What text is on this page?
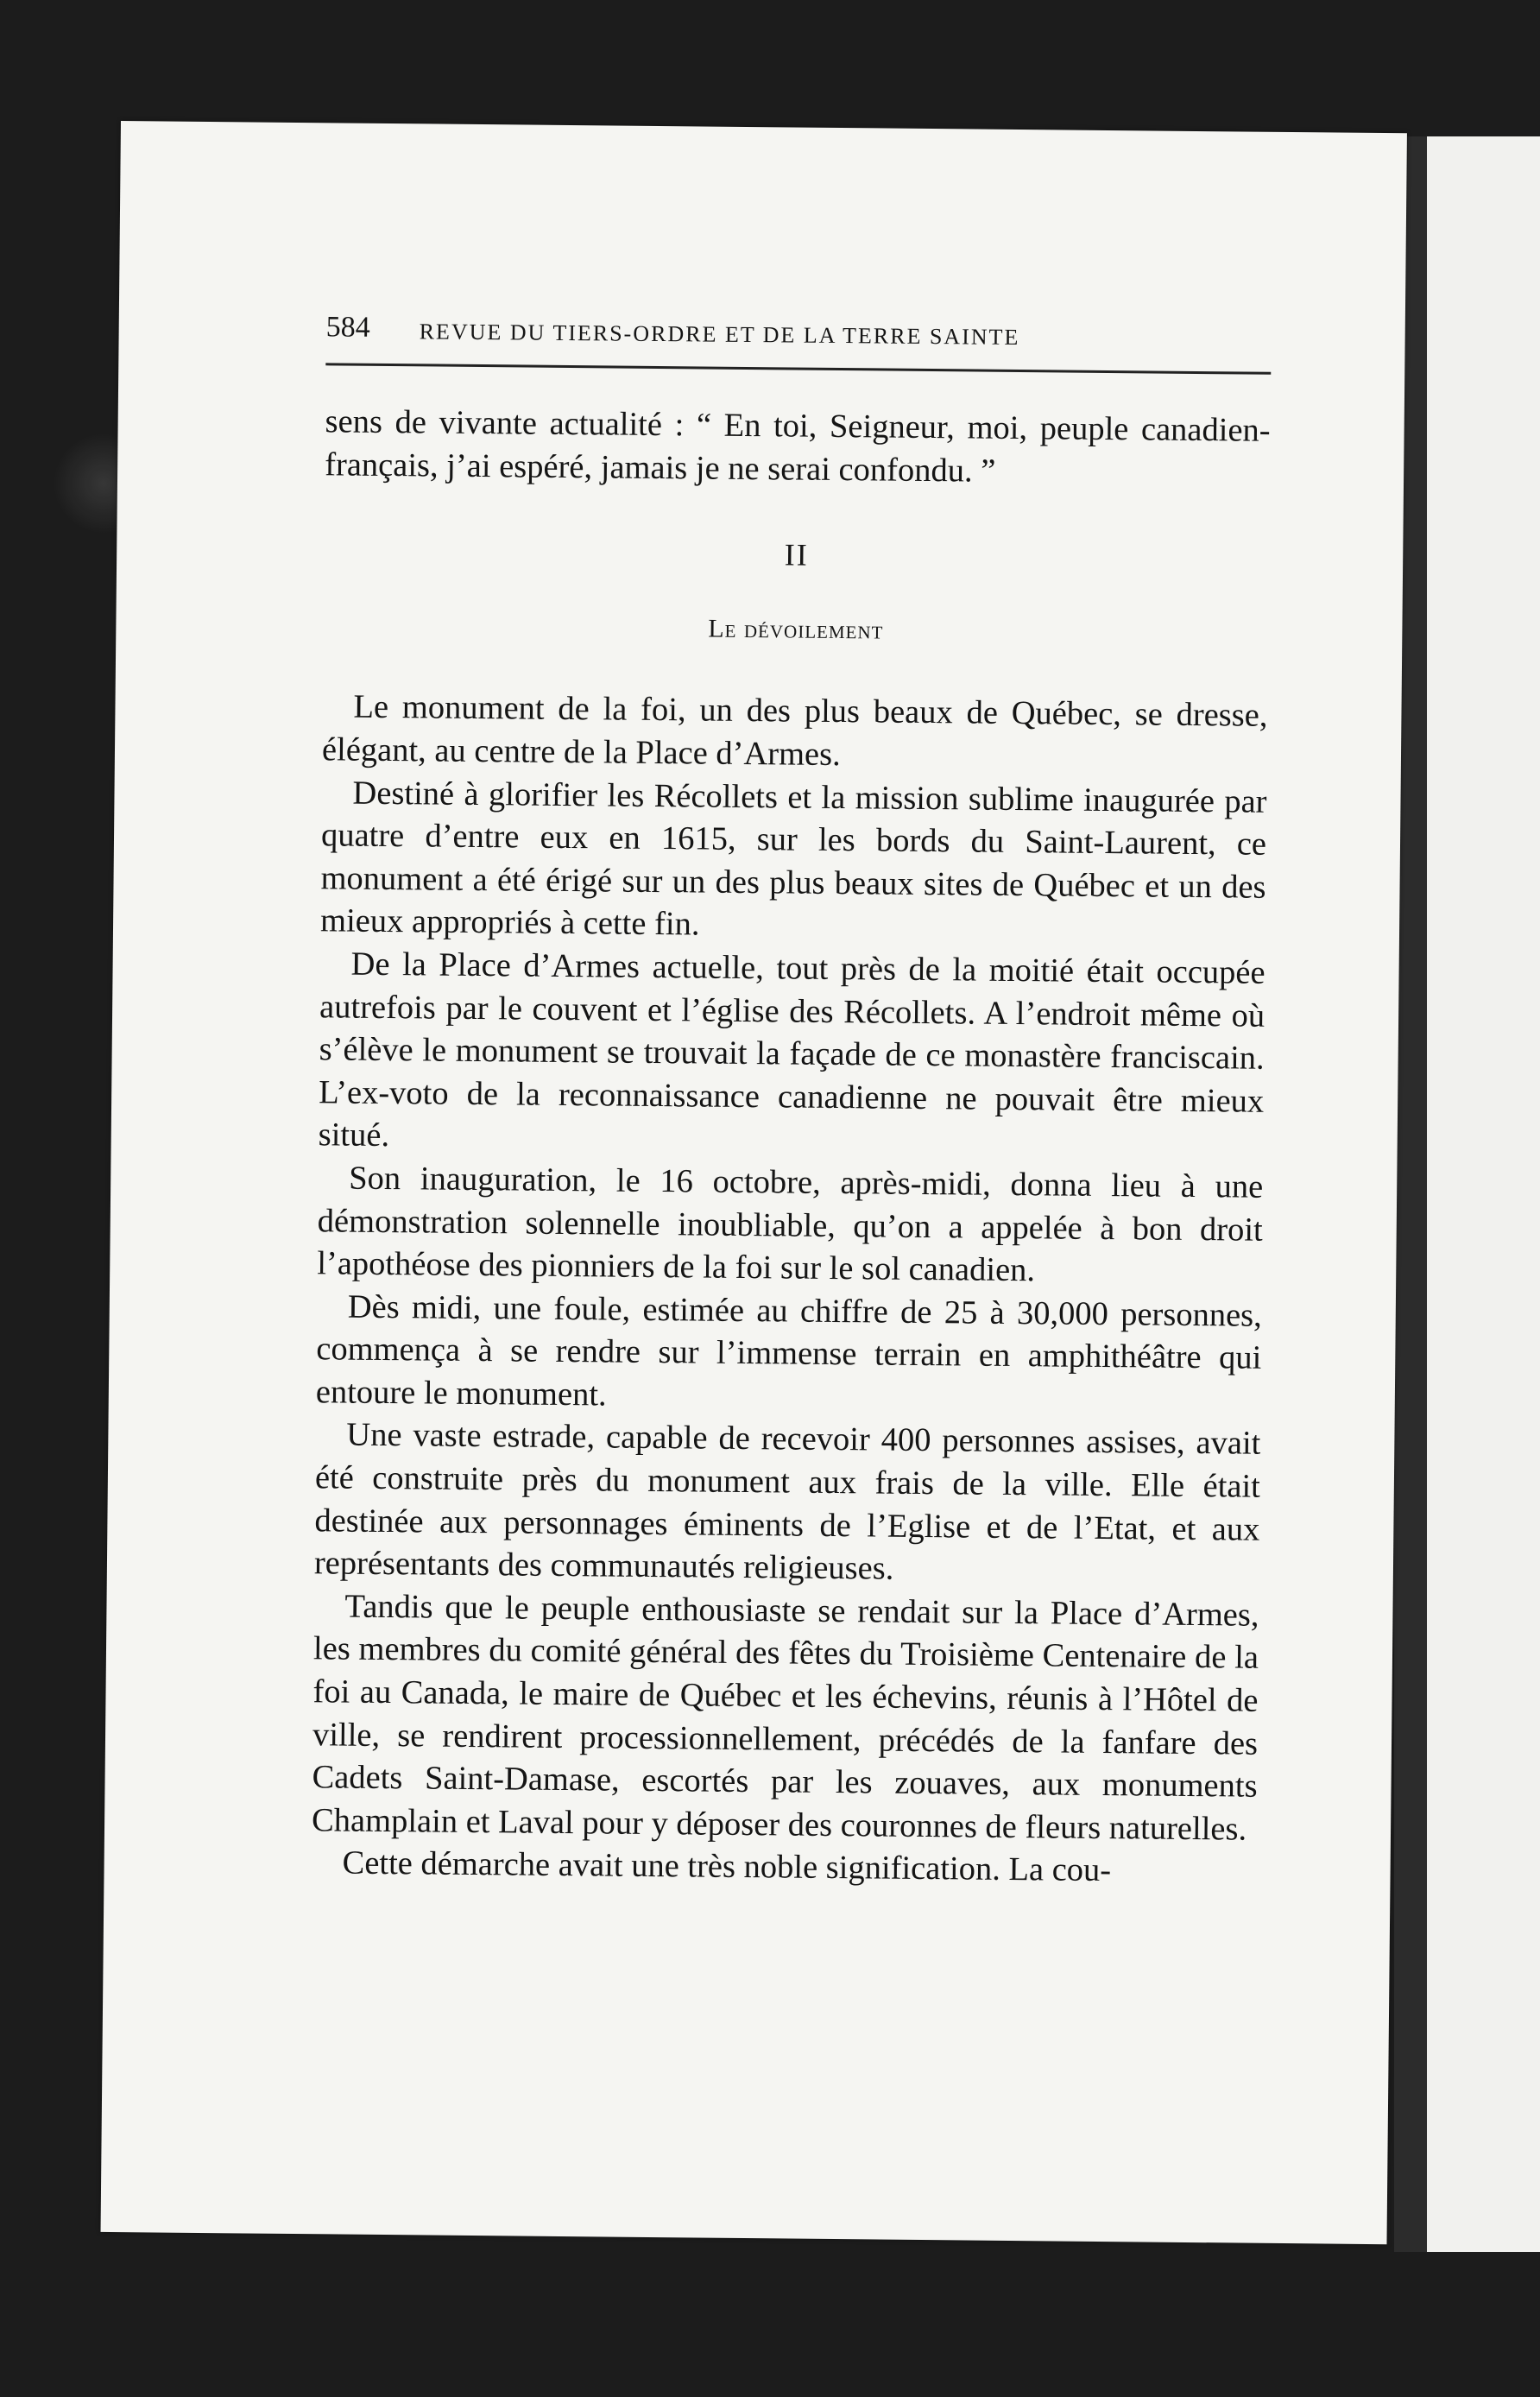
584 REVUE DU TIERS-ORDRE ET DE LA TERRE SAINTE

sens de vivante actualité : “ En toi, Seigneur, moi, peuple canadien-français, j’ai espéré, jamais je ne serai confondu. ”

II
Le dévoilement

Le monument de la foi, un des plus beaux de Québec, se dresse, élégant, au centre de la Place d’Armes.

Destiné à glorifier les Récollets et la mission sublime inaugurée par quatre d’entre eux en 1615, sur les bords du Saint-Laurent, ce monument a été érigé sur un des plus beaux sites de Québec et un des mieux appropriés à cette fin.

De la Place d’Armes actuelle, tout près de la moitié était occupée autrefois par le couvent et l’église des Récollets. A l’endroit même où s’élève le monument se trouvait la façade de ce monastère franciscain. L’ex-voto de la reconnaissance canadienne ne pouvait être mieux situé.

Son inauguration, le 16 octobre, après-midi, donna lieu à une démonstration solennelle inoubliable, qu’on a appelée à bon droit l’apothéose des pionniers de la foi sur le sol canadien.

Dès midi, une foule, estimée au chiffre de 25 à 30,000 personnes, commença à se rendre sur l’immense terrain en amphithéâtre qui entoure le monument.

Une vaste estrade, capable de recevoir 400 personnes assises, avait été construite près du monument aux frais de la ville. Elle était destinée aux personnages éminents de l’Eglise et de l’Etat, et aux représentants des communautés religieuses.

Tandis que le peuple enthousiaste se rendait sur la Place d’Armes, les membres du comité général des fêtes du Troisième Centenaire de la foi au Canada, le maire de Québec et les échevins, réunis à l’Hôtel de ville, se rendirent processionnellement, précédés de la fanfare des Cadets Saint-Damase, escortés par les zouaves, aux monuments Champlain et Laval pour y déposer des couronnes de fleurs naturelles.

Cette démarche avait une très noble signification. La cou-
